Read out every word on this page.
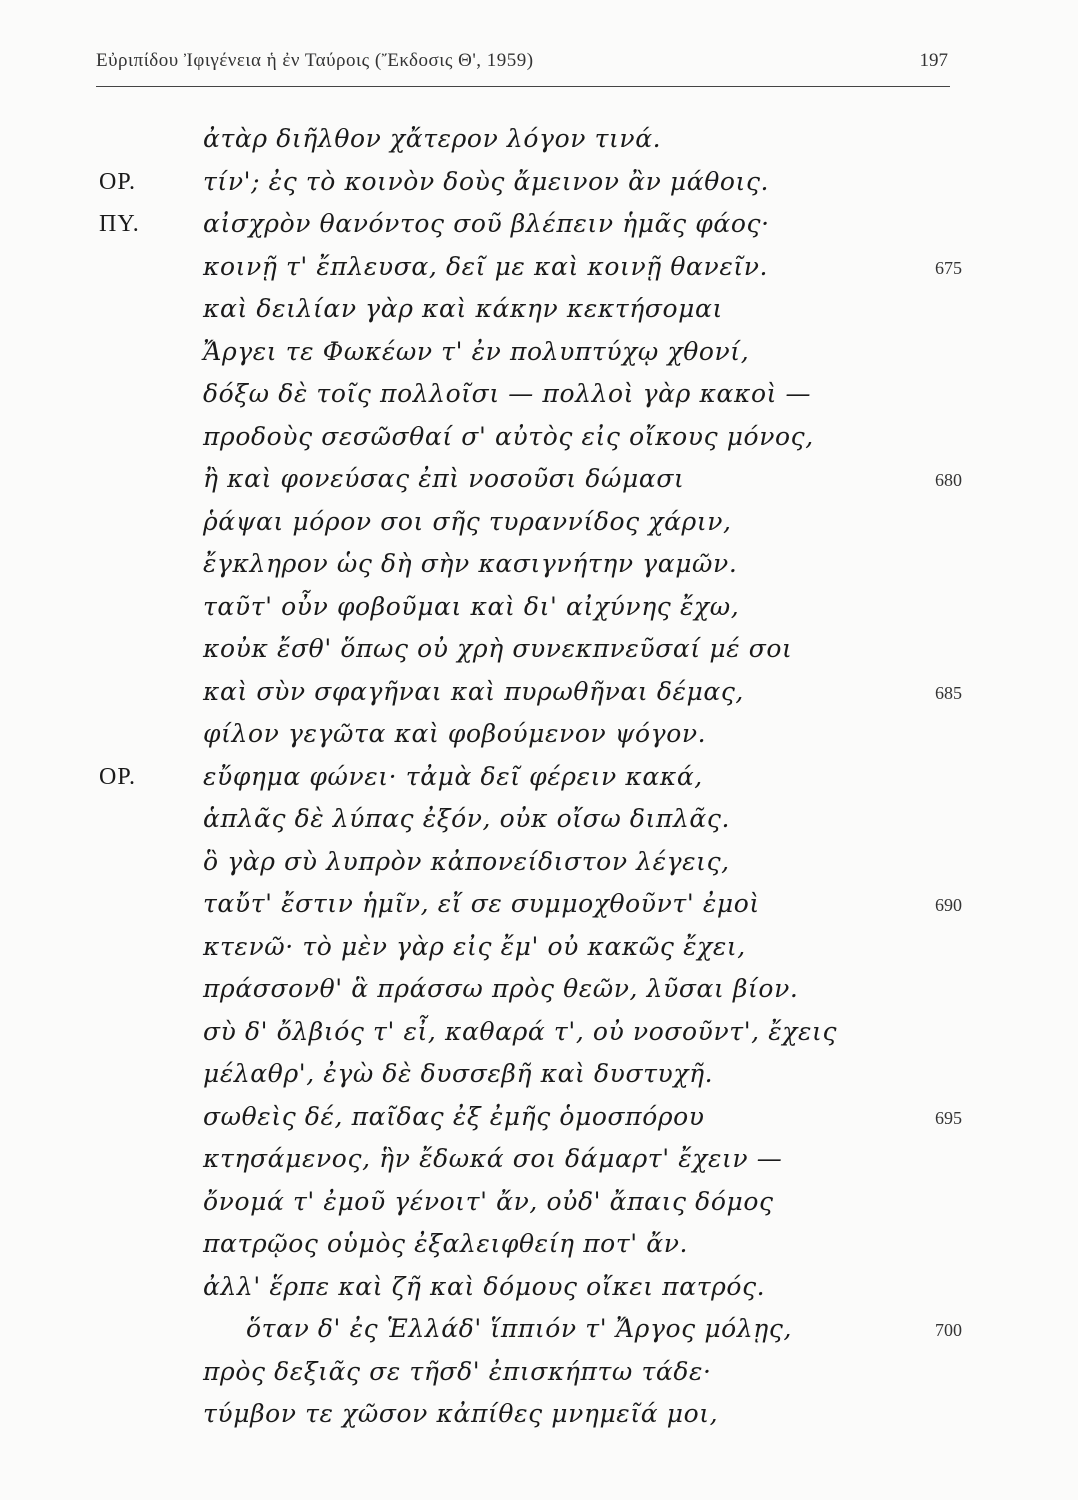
Εὐριπίδου Ἰφιγένεια ἡ ἐν Ταύροις (Ἔκδοσις Θ', 1959)	197
ἀτὰρ διῆλθον χἄτερον λόγον τινά.
ΟΡ.	τίν'; ἐς τὸ κοινὸν δοὺς ἄμεινον ἂν μάθοις.
ΠΥ.	αἰσχρὸν θανόντος σοῦ βλέπειν ἡμᾶς φάος·
κοινῇ τ' ἔπλευσα, δεῖ με καὶ κοινῇ θανεῖν.	675
καὶ δειλίαν γὰρ καὶ κάκην κεκτήσομαι
Ἄργει τε Φωκέων τ' ἐν πολυπτύχῳ χθονί,
δόξω δὲ τοῖς πολλοῖσι — πολλοὶ γὰρ κακοὶ —
προδοὺς σεσῶσθαί σ' αὐτὸς εἰς οἴκους μόνος,
ἢ καὶ φονεύσας ἐπὶ νοσοῦσι δώμασι	680
ῥάψαι μόρον σοι σῆς τυραννίδος χάριν,
ἔγκληρον ὡς δὴ σὴν κασιγνήτην γαμῶν.
ταῦτ' οὖν φοβοῦμαι καὶ δι' αἰχύνης ἔχω,
κοὐκ ἔσθ' ὅπως οὐ χρὴ συνεκπνεῦσαί μέ σοι
καὶ σὺν σφαγῆναι καὶ πυρωθῆναι δέμας,	685
φίλον γεγῶτα καὶ φοβούμενον ψόγον.
ΟΡ.	εὔφημα φώνει· τἀμὰ δεῖ φέρειν κακά,
ἁπλᾶς δὲ λύπας ἐξόν, οὐκ οἴσω διπλᾶς.
ὃ γὰρ σὺ λυπρὸν κἀπονείδιστον λέγεις,
ταὔτ' ἔστιν ἡμῖν, εἴ σε συμμοχθοῦντ' ἐμοὶ	690
κτενῶ· τὸ μὲν γὰρ εἰς ἔμ' οὐ κακῶς ἔχει,
πράσσονθ' ἃ πράσσω πρὸς θεῶν, λῦσαι βίον.
σὺ δ' ὄλβιός τ' εἶ, καθαρά τ', οὐ νοσοῦντ', ἔχεις
μέλαθρ', ἐγὼ δὲ δυσσεβῆ καὶ δυστυχῆ.
σωθεὶς δέ, παῖδας ἐξ ἐμῆς ὁμοσπόρου	695
κτησάμενος, ἣν ἔδωκά σοι δάμαρτ' ἔχειν —
ὄνομά τ' ἐμοῦ γένοιτ' ἄν, οὐδ' ἄπαις δόμος
πατρῷος οὑμὸς ἐξαλειφθείη ποτ' ἄν.
ἀλλ' ἕρπε καὶ ζῆ καὶ δόμους οἴκει πατρός.
ὅταν δ' ἐς Ἑλλάδ' ἵππιόν τ' Ἄργος μόλῃς,	700
πρὸς δεξιᾶς σε τῆσδ' ἐπισκήπτω τάδε·
τύμβον τε χῶσον κἀπίθες μνημεῖά μοι,
